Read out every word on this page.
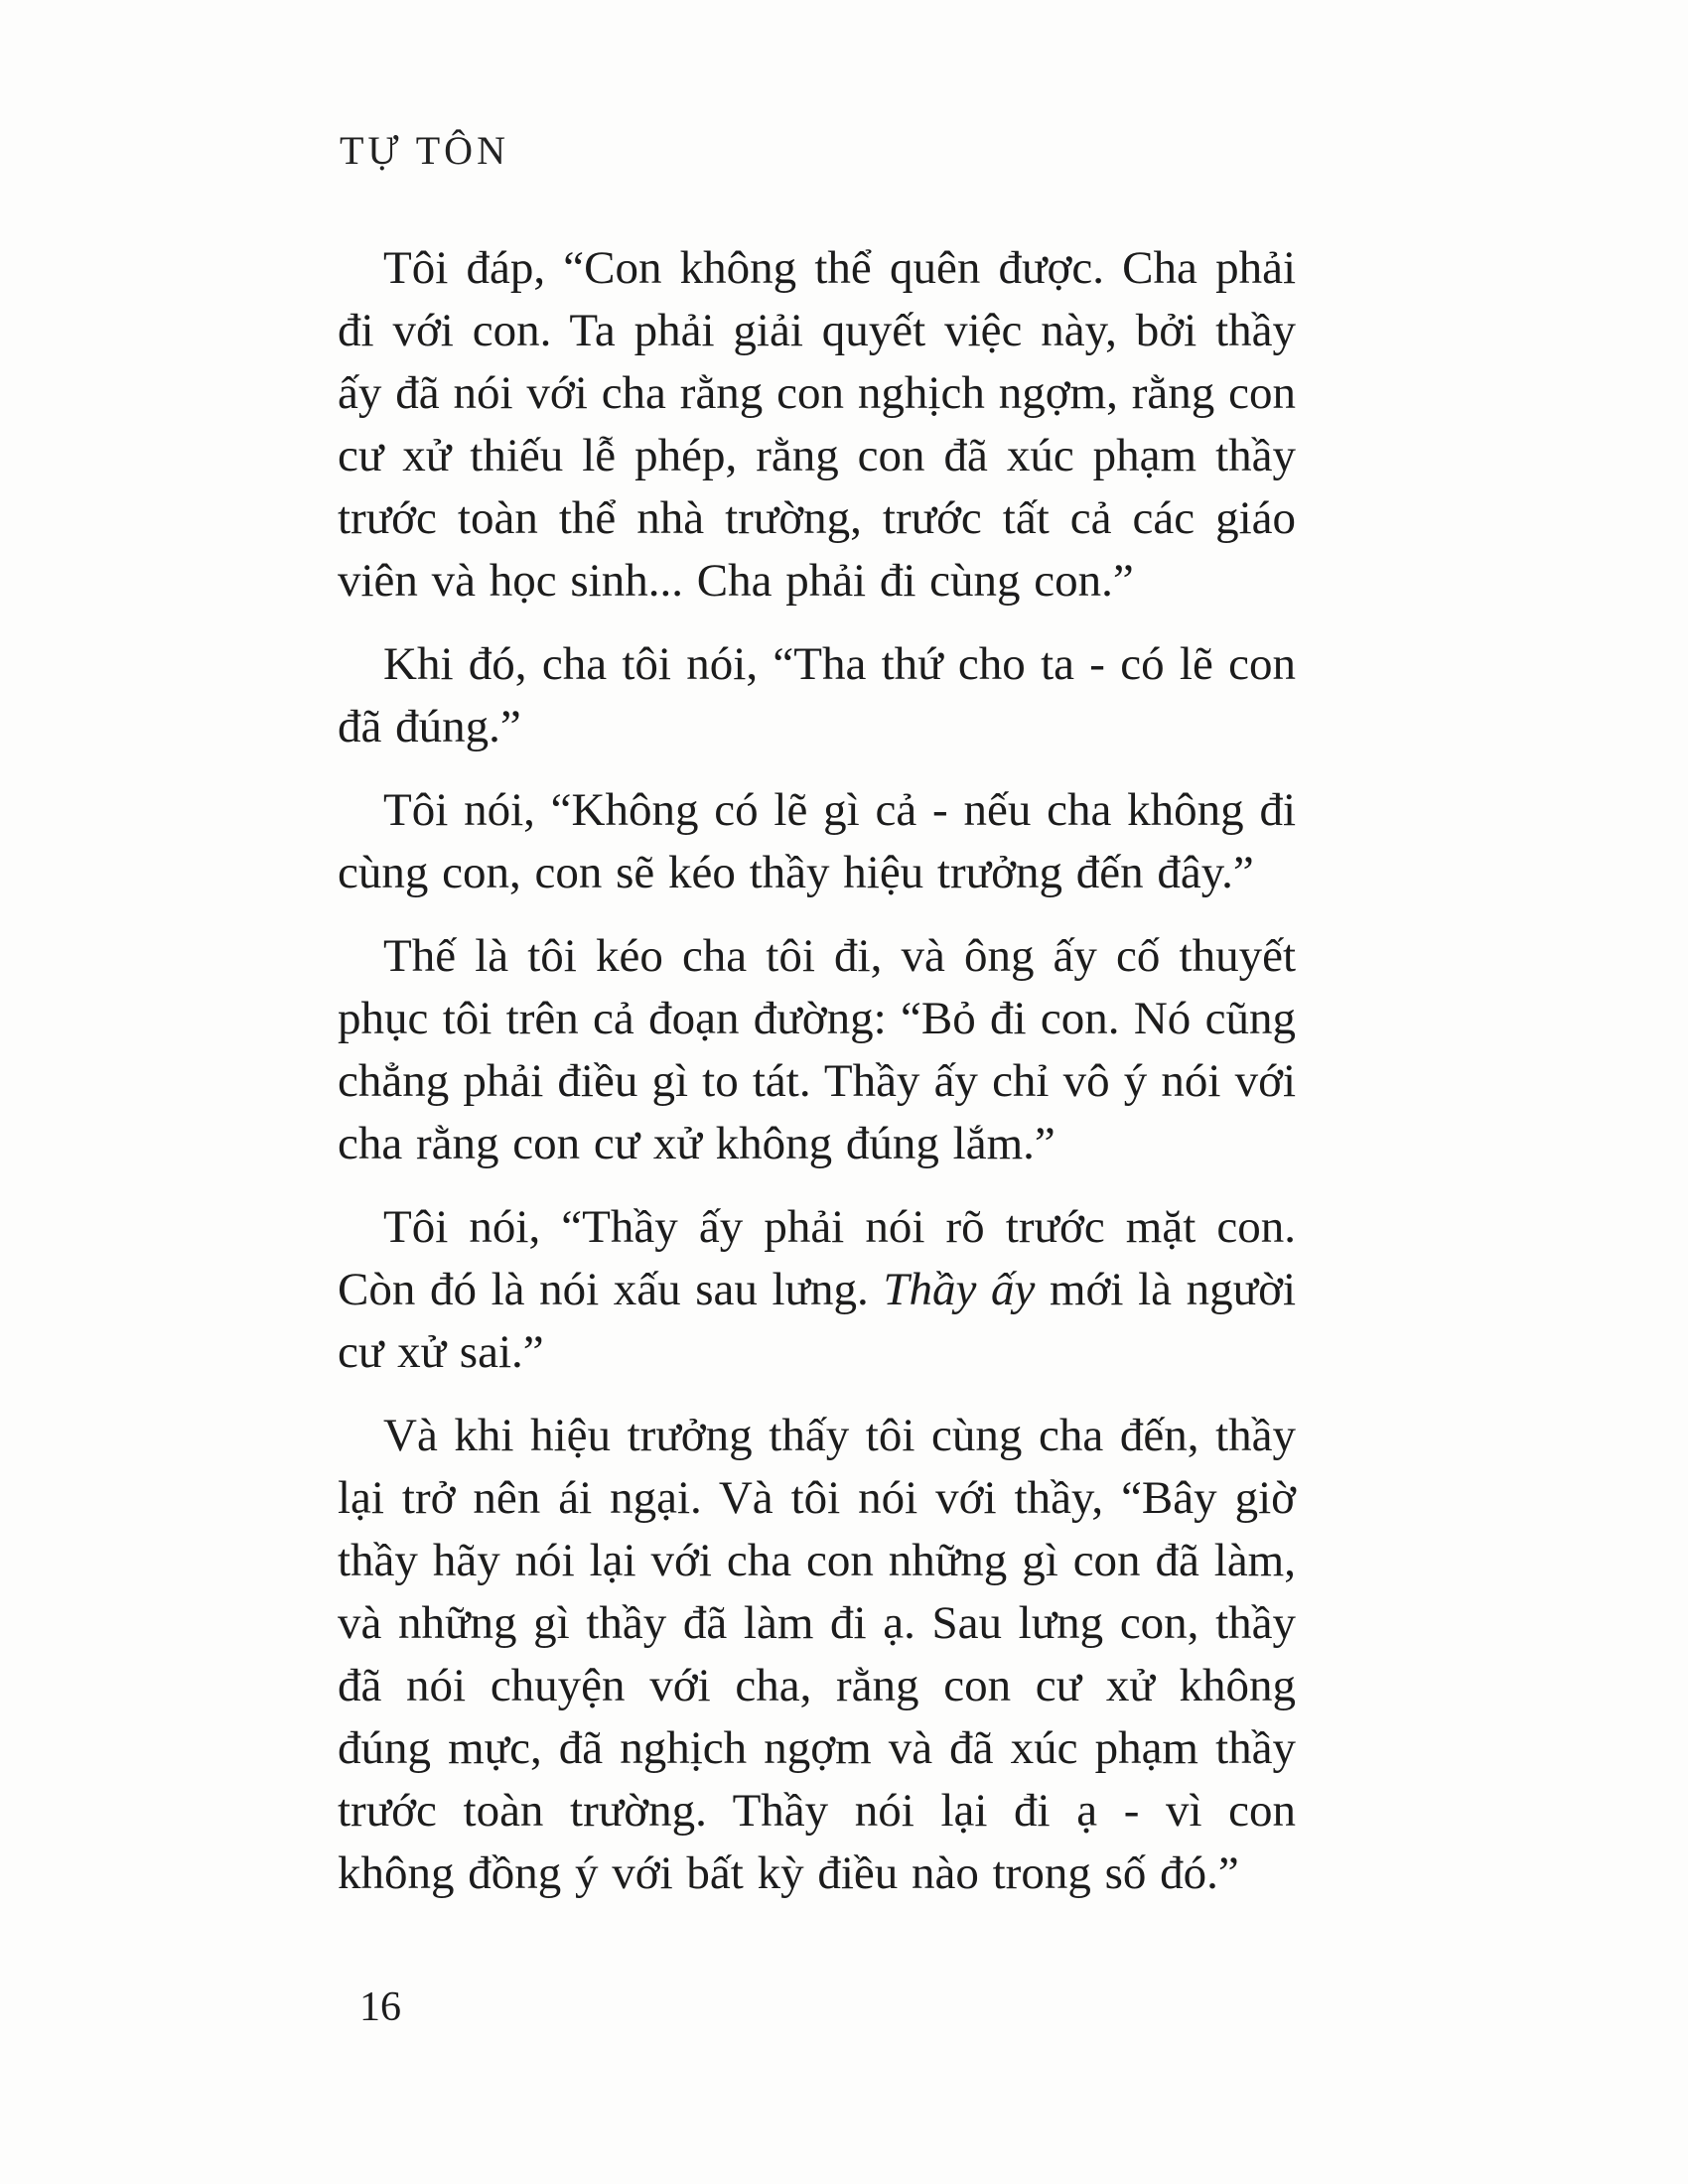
TỰ TÔN

Tôi đáp, “Con không thể quên được. Cha phải đi với con. Ta phải giải quyết việc này, bởi thầy ấy đã nói với cha rằng con nghịch ngợm, rằng con cư xử thiếu lễ phép, rằng con đã xúc phạm thầy trước toàn thể nhà trường, trước tất cả các giáo viên và học sinh... Cha phải đi cùng con.”

Khi đó, cha tôi nói, “Tha thứ cho ta - có lẽ con đã đúng.”

Tôi nói, “Không có lẽ gì cả - nếu cha không đi cùng con, con sẽ kéo thầy hiệu trưởng đến đây.”

Thế là tôi kéo cha tôi đi, và ông ấy cố thuyết phục tôi trên cả đoạn đường: “Bỏ đi con. Nó cũng chẳng phải điều gì to tát. Thầy ấy chỉ vô ý nói với cha rằng con cư xử không đúng lắm.”

Tôi nói, “Thầy ấy phải nói rõ trước mặt con. Còn đó là nói xấu sau lưng. Thầy ấy mới là người cư xử sai.”

Và khi hiệu trưởng thấy tôi cùng cha đến, thầy lại trở nên ái ngại. Và tôi nói với thầy, “Bây giờ thầy hãy nói lại với cha con những gì con đã làm, và những gì thầy đã làm đi ạ. Sau lưng con, thầy đã nói chuyện với cha, rằng con cư xử không đúng mực, đã nghịch ngợm và đã xúc phạm thầy trước toàn trường. Thầy nói lại đi ạ - vì con không đồng ý với bất kỳ điều nào trong số đó.”

16
